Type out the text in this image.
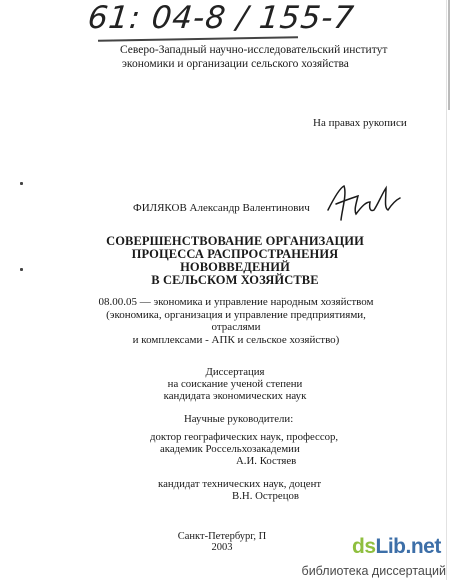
61: 04-8 / 155-7
Северо-Западный научно-исследовательский институт
экономики и организации сельского хозяйства
На правах рукописи
ФИЛЯКОВ Александр Валентинович
СОВЕРШЕНСТВОВАНИЕ ОРГАНИЗАЦИИ
ПРОЦЕССА РАСПРОСТРАНЕНИЯ НОВОВВЕДЕНИЙ
В СЕЛЬСКОМ ХОЗЯЙСТВЕ
08.00.05 — экономика и управление народным хозяйством
(экономика, организация и управление предприятиями, отраслями
и комплексами - АПК и сельское хозяйство)
Диссертация
на соискание ученой степени
кандидата экономических наук
Научные руководители:
доктор географических наук, профессор,
академик Россельхозакадемии
А.И. Костяев
кандидат технических наук, доцент
В.Н. Острецов
Санкт-Петербург, П
2003	dsLib.net
библиотека диссертаций
